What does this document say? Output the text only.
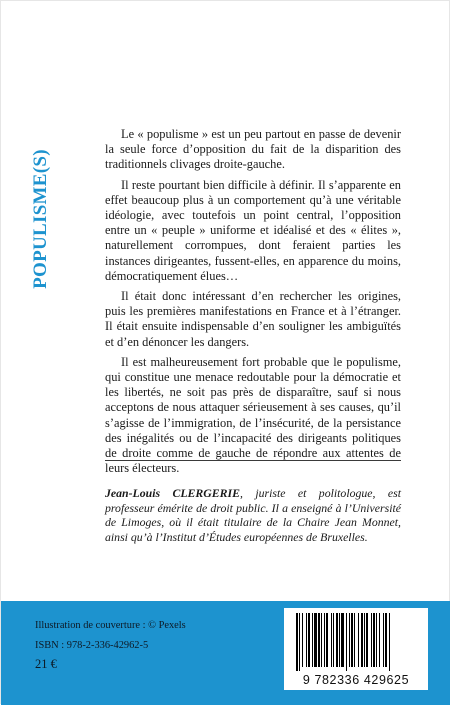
POPULISME(S)

Le « populisme » est un peu partout en passe de devenir la seule force d’opposition du fait de la disparition des traditionnels clivages droite-gauche.

Il reste pourtant bien difficile à définir. Il s’apparente en effet beaucoup plus à un comportement qu’à une véritable idéologie, avec toutefois un point central, l’opposition entre un « peuple » uniforme et idéalisé et des « élites », naturellement corrompues, dont feraient parties les instances dirigeantes, fussent-elles, en apparence du moins, démocratiquement élues…

Il était donc intéressant d’en rechercher les origines, puis les premières manifestations en France et à l’étranger. Il était ensuite indispensable d’en souligner les ambiguïtés et d’en dénoncer les dangers.

Il est malheureusement fort probable que le populisme, qui constitue une menace redoutable pour la démocratie et les libertés, ne soit pas près de disparaître, sauf si nous acceptons de nous attaquer sérieusement à ses causes, qu’il s’agisse de l’immigration, de l’insécurité, de la persistance des inégalités ou de l’incapacité des dirigeants politiques de droite comme de gauche de répondre aux attentes de leurs électeurs.

Jean-Louis CLERGERIE, juriste et politologue, est professeur émérite de droit public. Il a enseigné à l’Université de Limoges, où il était titulaire de la Chaire Jean Monnet, ainsi qu’à l’Institut d’Études européennes de Bruxelles.
Illustration de couverture : © Pexels
ISBN : 978-2-336-42962-5
21 €
9 782336 429625
